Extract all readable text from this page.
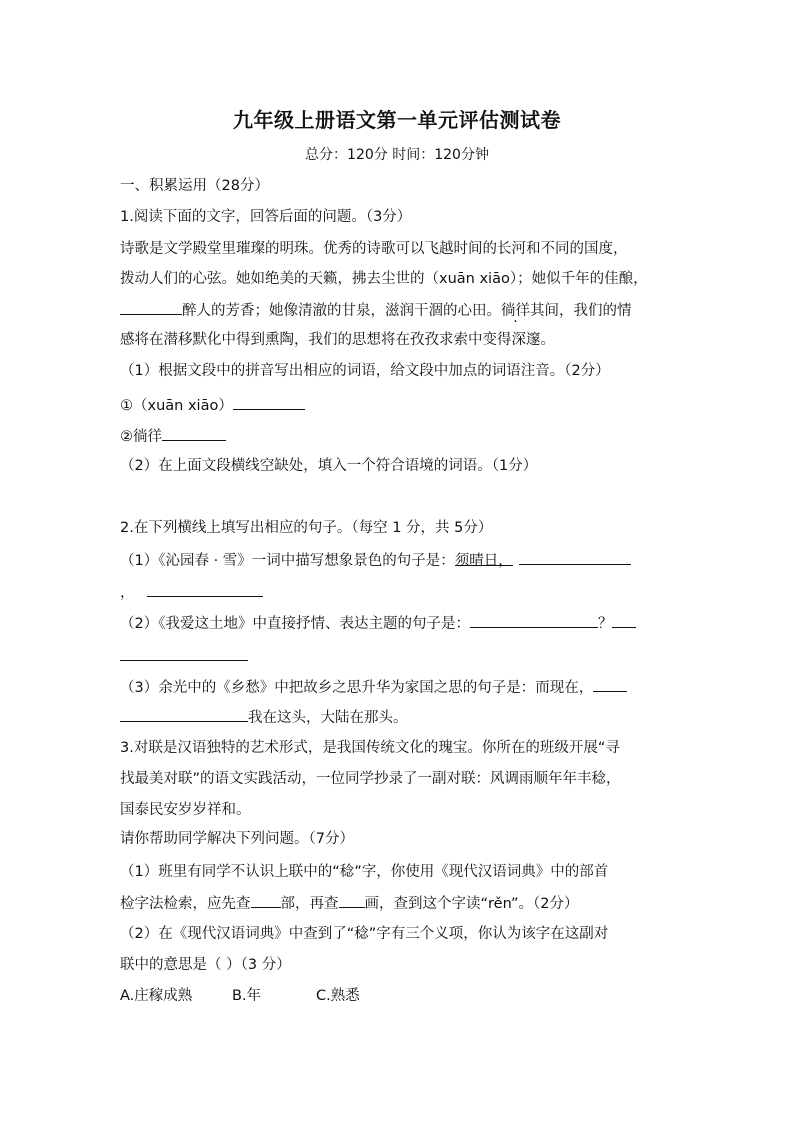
九年级上册语文第一单元评估测试卷
总分：120分 时间：120分钟
一、积累运用（28分）
1.阅读下面的文字，回答后面的问题。（3分）
诗歌是文学殿堂里璀璨的明珠。优秀的诗歌可以飞越时间的长河和不同的国度，
拨动人们的心弦。她如绝美的天籁，拂去尘世的（xuān xiāo）；她似千年的佳酿，
醉人的芳香；她像清澈的甘泉，滋润干涸的心田。徜徉其间，我们的情
感将在潜移默化中得到熏陶，我们的思想将在孜孜求索中变得深邃。
（1）根据文段中的拼音写出相应的词语，给文段中加点的词语注音。（2分）
①（xuān xiāo）
②徜徉
（2）在上面文段横线空缺处，填入一个符合语境的词语。（1分）
2.在下列横线上填写出相应的句子。（每空 1 分，共 5分）
（1）《沁园春 · 雪》一词中描写想象景色的句子是：须晴日，
，
（2）《我爱这土地》中直接抒情、表达主题的句子是：	？
（3）余光中的《乡愁》中把故乡之思升华为家国之思的句子是：而现在，
我在这头，大陆在那头。
3.对联是汉语独特的艺术形式，是我国传统文化的瑰宝。你所在的班级开展“寻
找最美对联”的语文实践活动，一位同学抄录了一副对联：风调雨顺年年丰稔，
国泰民安岁岁祥和。
请你帮助同学解决下列问题。（7分）
（1）班里有同学不认识上联中的“稔”字，你使用《现代汉语词典》中的部首
检字法检索，应先查 部，再查 画，查到这个字读“rěn”。（2分）
（2）在《现代汉语词典》中查到了“稔”字有三个义项，你认为该字在这副对
联中的意思是（ ）（3 分）
A.庄稼成熟	B.年	C.熟悉
